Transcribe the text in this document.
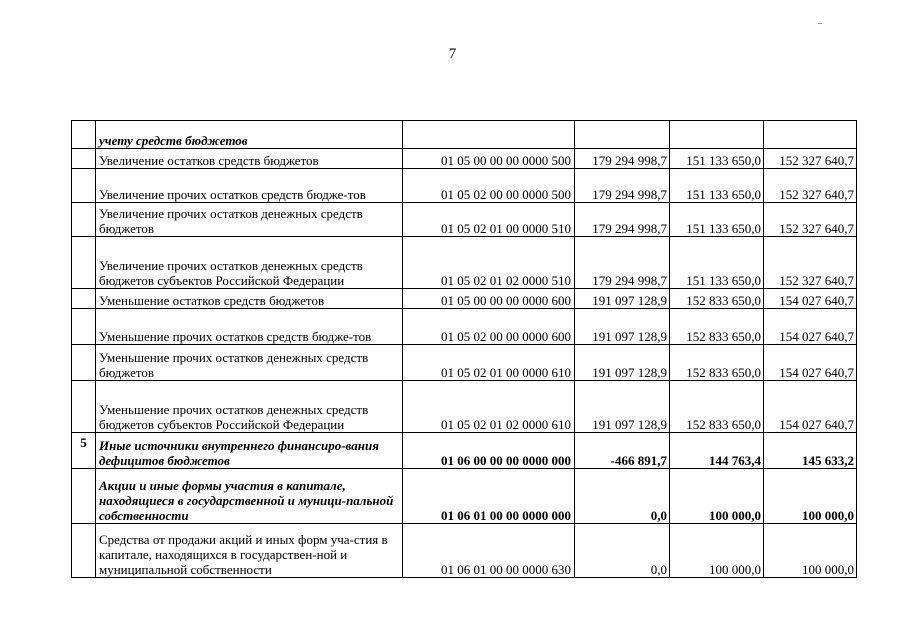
7
	учету средств бюджетов				
	Увеличение остатков средств бюджетов	01 05 00 00 00 0000 500	179 294 998,7	151 133 650,0	152 327 640,7
	Увеличение прочих остатков средств бюдже-тов	01 05 02 00 00 0000 500	179 294 998,7	151 133 650,0	152 327 640,7
	Увеличение прочих остатков денежных средств бюджетов	01 05 02 01 00 0000 510	179 294 998,7	151 133 650,0	152 327 640,7
	Увеличение прочих остатков денежных средств бюджетов субъектов Российской Федерации	01 05 02 01 02 0000 510	179 294 998,7	151 133 650,0	152 327 640,7
	Уменьшение остатков средств бюджетов	01 05 00 00 00 0000 600	191 097 128,9	152 833 650,0	154 027 640,7
	Уменьшение прочих остатков средств бюдже-тов	01 05 02 00 00 0000 600	191 097 128,9	152 833 650,0	154 027 640,7
	Уменьшение прочих остатков денежных средств бюджетов	01 05 02 01 00 0000 610	191 097 128,9	152 833 650,0	154 027 640,7
	Уменьшение прочих остатков денежных средств бюджетов субъектов Российской Федерации	01 05 02 01 02 0000 610	191 097 128,9	152 833 650,0	154 027 640,7
5	Иные источники внутреннего финансиро-вания дефицитов бюджетов	01 06 00 00 00 0000 000	-466 891,7	144 763,4	145 633,2
	Акции и иные формы участия в капитале, находящиеся в государственной и муници-пальной собственности	01 06 01 00 00 0000 000	0,0	100 000,0	100 000,0
	Средства от продажи акций и иных форм уча-стия в капитале, находящихся в государствен-ной и муниципальной собственности	01 06 01 00 00 0000 630	0,0	100 000,0	100 000,0
